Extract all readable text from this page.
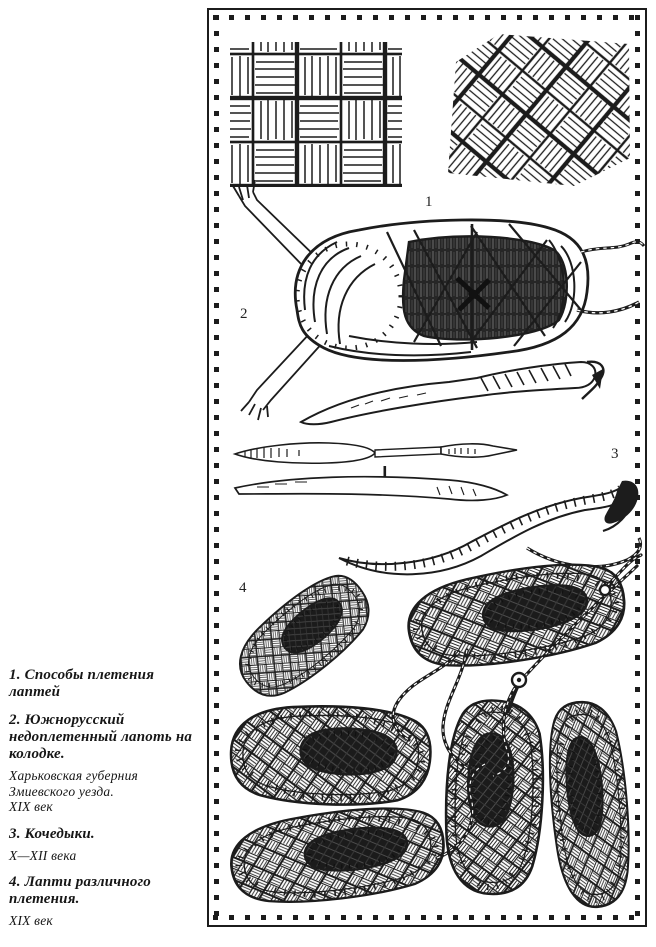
1. Способы плетения лаптей
2. Южнорусский недоплетенный лапоть на колодке.
Харьковская губерния Змиевского уезда.
XIX век
3. Кочедыки.
X—XII века
4. Лапти различного плетения.
XIX век
1
2
3
4
